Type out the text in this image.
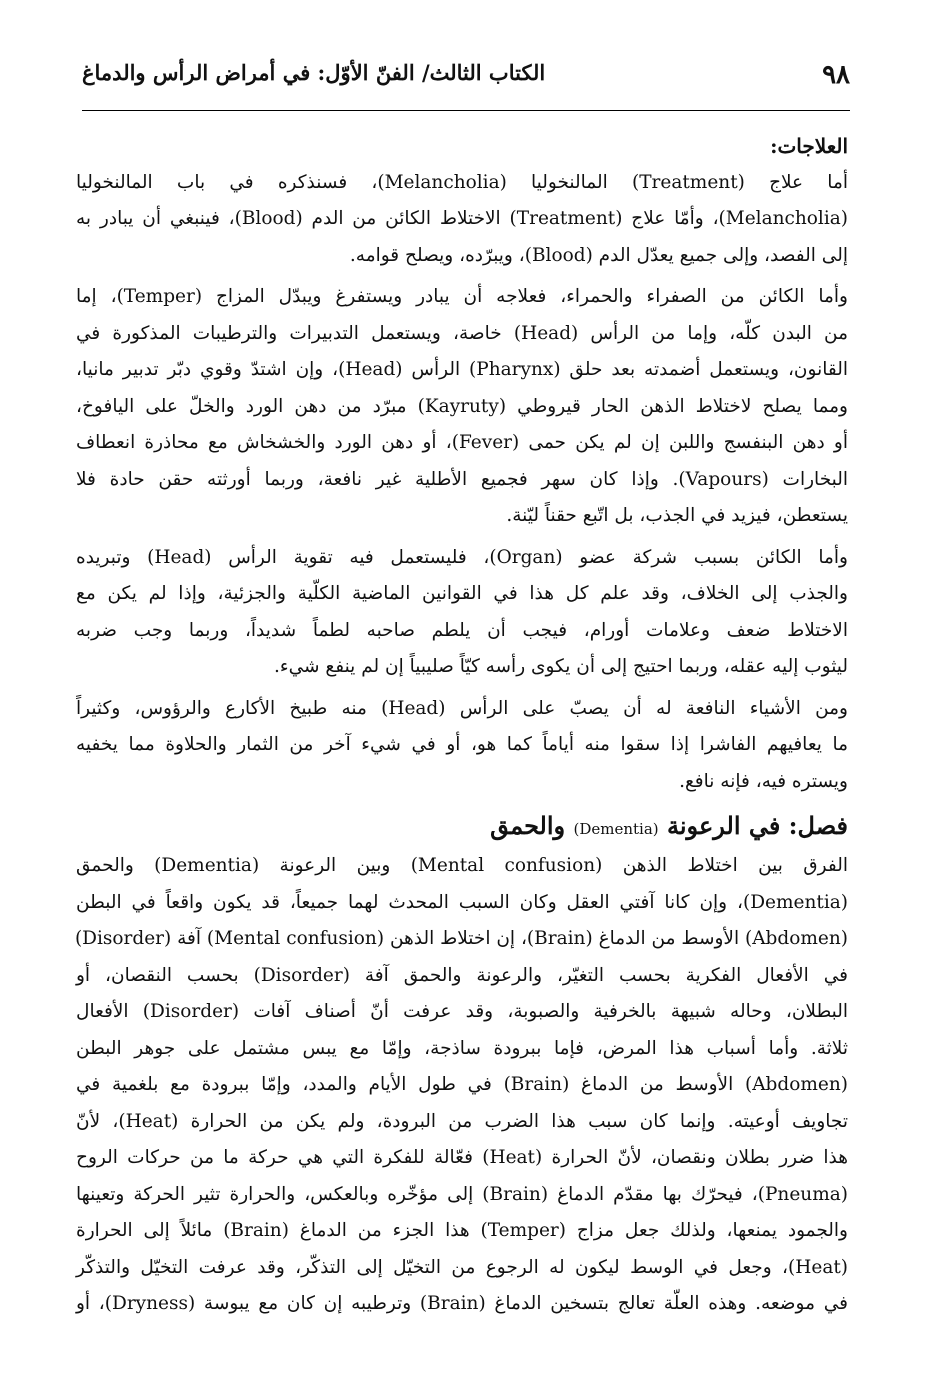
٩٨
الكتاب الثالث/ الفنّ الأوّل: في أمراض الرأس والدماغ
العلاجات:
أما علاج (Treatment) المالنخوليا (Melancholia)، فسنذكره في باب المالنخوليا
(Melancholia)، وأمّا علاج (Treatment) الاختلاط الكائن من الدم (Blood)، فينبغي أن يبادر به
إلى الفصد، وإلى جميع يعدّل الدم (Blood)، ويبرّده، ويصلح قوامه.
وأما الكائن من الصفراء والحمراء، فعلاجه أن يبادر ويستفرغ ويبدّل المزاج (Temper)، إما
من البدن كلّه، وإما من الرأس (Head) خاصة، ويستعمل التدبيرات والترطيبات المذكورة في
القانون، ويستعمل أضمدته بعد حلق (Pharynx) الرأس (Head)، وإن اشتدّ وقوي دبّر تدبير مانيا،
ومما يصلح لاختلاط الذهن الحار قيروطي (Kayruty) مبرّد من دهن الورد والخلّ على اليافوخ،
أو دهن البنفسج واللبن إن لم يكن حمى (Fever)، أو دهن الورد والخشخاش مع محاذرة انعطاف
البخارات (Vapours). وإذا كان سهر فجميع الأطلية غير نافعة، وربما أورثته حقن حادة فلا
يستعطن، فيزيد في الجذب، بل اتّبع حقناً ليّنة.
وأما الكائن بسبب شركة عضو (Organ)، فليستعمل فيه تقوية الرأس (Head) وتبريده
والجذب إلى الخلاف، وقد علم كل هذا في القوانين الماضية الكلّية والجزئية، وإذا لم يكن مع
الاختلاط ضعف وعلامات أورام، فيجب أن يلطم صاحبه لطماً شديداً، وربما وجب ضربه
ليثوب إليه عقله، وربما احتيج إلى أن يكوى رأسه كيّاً صليبياً إن لم ينفع شيء.
ومن الأشياء النافعة له أن يصبّ على الرأس (Head) منه طبيخ الأكارع والرؤوس، وكثيراً
ما يعافيهم الفاشرا إذا سقوا منه أياماً كما هو، أو في شيء آخر من الثمار والحلاوة مما يخفيه
ويستره فيه، فإنه نافع.
فصل: في الرعونة (Dementia) والحمق
الفرق بين اختلاط الذهن (Mental confusion) وبين الرعونة (Dementia) والحمق
(Dementia)، وإن كانا آفتي العقل وكان السبب المحدث لهما جميعاً، قد يكون واقعاً في البطن
(Abdomen) الأوسط من الدماغ (Brain)، إن اختلاط الذهن (Mental confusion) آفة (Disorder)
في الأفعال الفكرية بحسب التغيّر، والرعونة والحمق آفة (Disorder) بحسب النقصان، أو
البطلان، وحاله شبيهة بالخرفية والصبوبة، وقد عرفت أنّ أصناف آفات (Disorder) الأفعال
ثلاثة. وأما أسباب هذا المرض، فإما ببرودة ساذجة، وإمّا مع يبس مشتمل على جوهر البطن
(Abdomen) الأوسط من الدماغ (Brain) في طول الأيام والمدد، وإمّا ببرودة مع بلغمية في
تجاويف أوعيته. وإنما كان سبب هذا الضرب من البرودة، ولم يكن من الحرارة (Heat)، لأنّ
هذا ضرر بطلان ونقصان، لأنّ الحرارة (Heat) فعّالة للفكرة التي هي حركة ما من حركات الروح
(Pneuma)، فيحرّك بها مقدّم الدماغ (Brain) إلى مؤخّره وبالعكس، والحرارة تثير الحركة وتعينها
والجمود يمنعها، ولذلك جعل مزاج (Temper) هذا الجزء من الدماغ (Brain) مائلاً إلى الحرارة
(Heat)، وجعل في الوسط ليكون له الرجوع من التخيّل إلى التذكّر، وقد عرفت التخيّل والتذكّر
في موضعه. وهذه العلّة تعالج بتسخين الدماغ (Brain) وترطيبه إن كان مع يبوسة (Dryness)، أو
